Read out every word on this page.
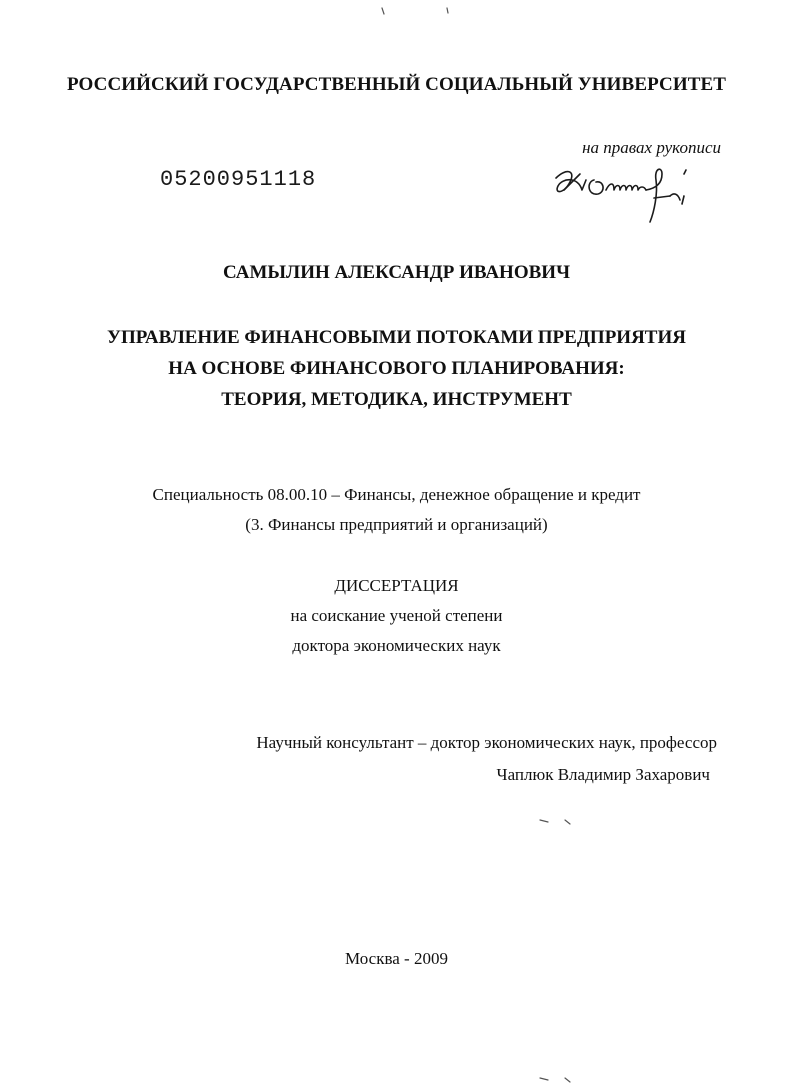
РОССИЙСКИЙ ГОСУДАРСТВЕННЫЙ СОЦИАЛЬНЫЙ УНИВЕРСИТЕТ
на правах рукописи
05200951118
САМЫЛИН АЛЕКСАНДР ИВАНОВИЧ
УПРАВЛЕНИЕ ФИНАНСОВЫМИ ПОТОКАМИ ПРЕДПРИЯТИЯ
НА ОСНОВЕ ФИНАНСОВОГО ПЛАНИРОВАНИЯ:
ТЕОРИЯ, МЕТОДИКА, ИНСТРУМЕНТ
Специальность 08.00.10 – Финансы, денежное обращение и кредит
(3. Финансы предприятий и организаций)
ДИССЕРТАЦИЯ
на соискание ученой степени
доктора экономических наук
Научный консультант – доктор экономических наук, профессор
Чаплюк Владимир Захарович
Москва - 2009
